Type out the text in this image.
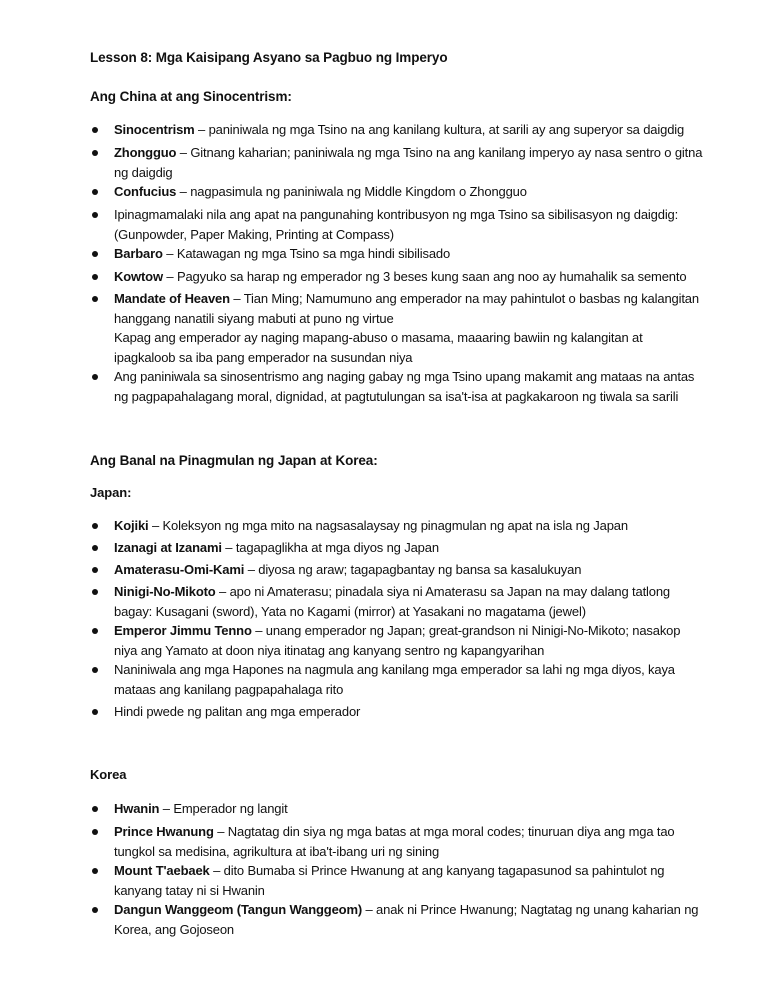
Lesson 8: Mga Kaisipang Asyano sa Pagbuo ng Imperyo

Ang China at ang Sinocentrism:

Sinocentrism – paniniwala ng mga Tsino na ang kanilang kultura, at sarili ay ang superyor sa daigdig
Zhongguo – Gitnang kaharian; paniniwala ng mga Tsino na ang kanilang imperyo ay nasa sentro o gitna
ng daigdig
Confucius – nagpasimula ng paniniwala ng Middle Kingdom o Zhongguo
Ipinagmamalaki nila ang apat na pangunahing kontribusyon ng mga Tsino sa sibilisasyon ng daigdig:
(Gunpowder, Paper Making, Printing at Compass)
Barbaro – Katawagan ng mga Tsino sa mga hindi sibilisado
Kowtow – Pagyuko sa harap ng emperador ng 3 beses kung saan ang noo ay humahalik sa semento
Mandate of Heaven – Tian Ming; Namumuno ang emperador na may pahintulot o basbas ng kalangitan
hanggang nanatili siyang mabuti at puno ng virtue
Kapag ang emperador ay naging mapang-abuso o masama, maaaring bawiin ng kalangitan at
ipagkaloob sa iba pang emperador na susundan niya
Ang paniniwala sa sinosentrismo ang naging gabay ng mga Tsino upang makamit ang mataas na antas
ng pagpapahalagang moral, dignidad, at pagtutulungan sa isa't-isa at pagkakaroon ng tiwala sa sarili

Ang Banal na Pinagmulan ng Japan at Korea:

Japan:

Kojiki – Koleksyon ng mga mito na nagsasalaysay ng pinagmulan ng apat na isla ng Japan
Izanagi at Izanami – tagapaglikha at mga diyos ng Japan
Amaterasu-Omi-Kami – diyosa ng araw; tagapagbantay ng bansa sa kasalukuyan
Ninigi-No-Mikoto – apo ni Amaterasu; pinadala siya ni Amaterasu sa Japan na may dalang tatlong
bagay: Kusagani (sword), Yata no Kagami (mirror) at Yasakani no magatama (jewel)
Emperor Jimmu Tenno – unang emperador ng Japan; great-grandson ni Ninigi-No-Mikoto; nasakop
niya ang Yamato at doon niya itinatag ang kanyang sentro ng kapangyarihan
Naniniwala ang mga Hapones na nagmula ang kanilang mga emperador sa lahi ng mga diyos, kaya
mataas ang kanilang pagpapahalaga rito
Hindi pwede ng palitan ang mga emperador

Korea

Hwanin – Emperador ng langit
Prince Hwanung – Nagtatag din siya ng mga batas at mga moral codes; tinuruan diya ang mga tao
tungkol sa medisina, agrikultura at iba't-ibang uri ng sining
Mount T'aebaek – dito Bumaba si Prince Hwanung at ang kanyang tagapasunod sa pahintulot ng
kanyang tatay ni si Hwanin
Dangun Wanggeom (Tangun Wanggeom) – anak ni Prince Hwanung; Nagtatag ng unang kaharian ng
Korea, ang Gojoseon
